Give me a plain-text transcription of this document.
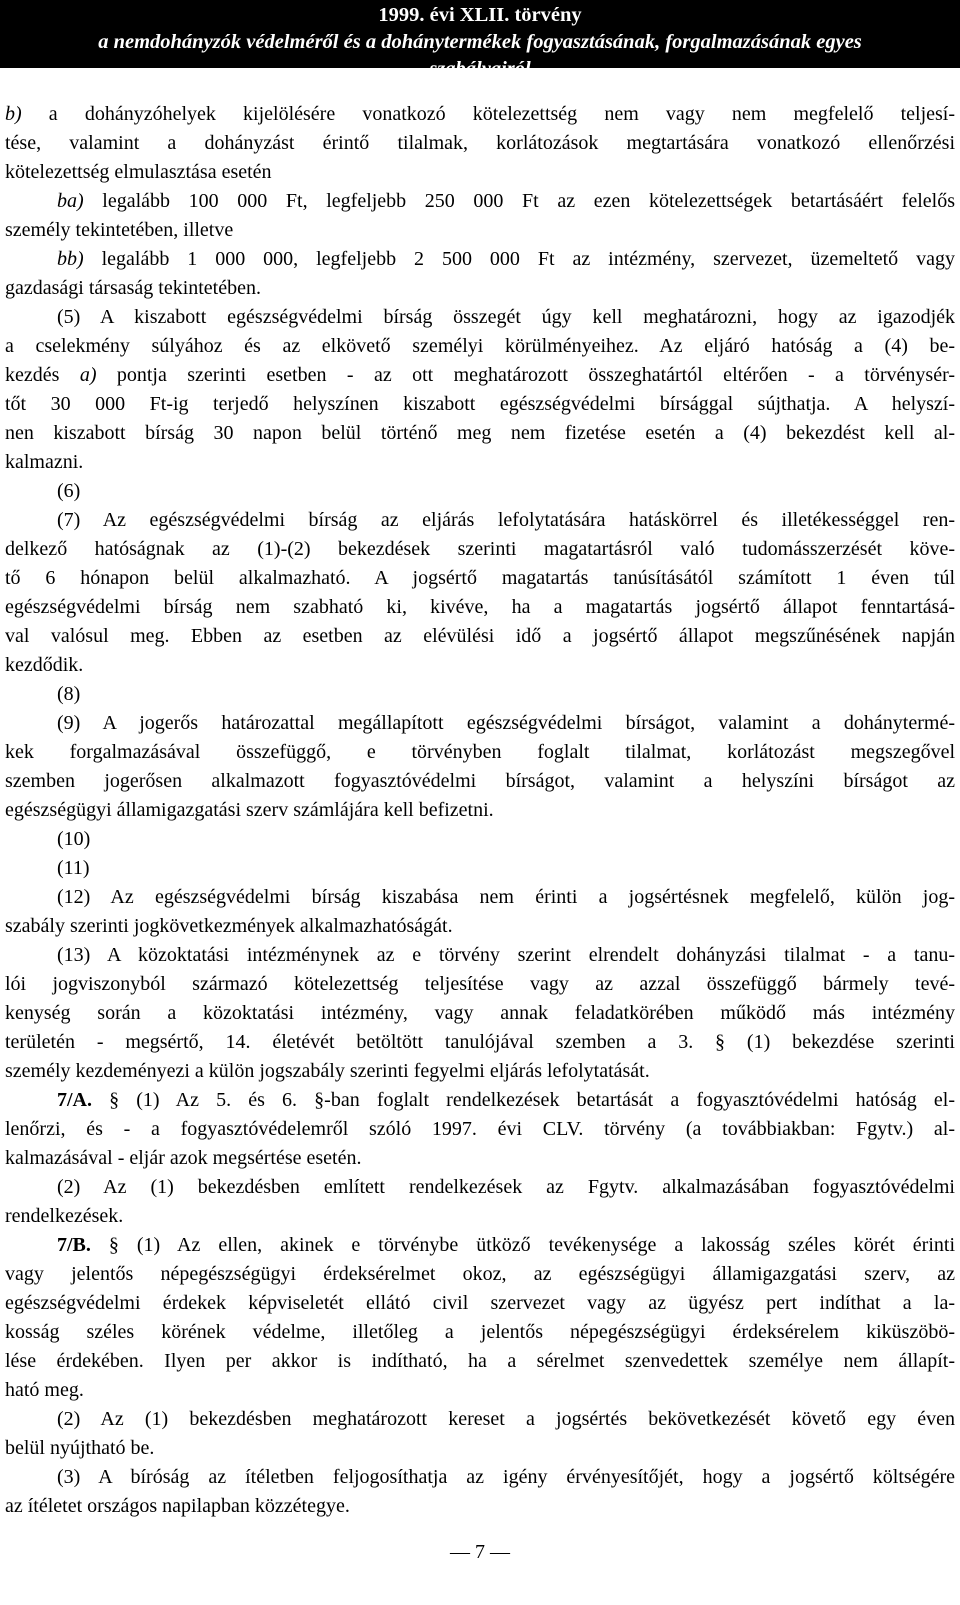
1999. évi XLII. törvény
a nemdohányzók védelméről és a dohánytermékek fogyasztásának, forgalmazásának egyes
szabályairól

b) a dohányzóhelyek kijelölésére vonatkozó kötelezettség nem vagy nem megfelelő teljesí-

tése, valamint a dohányzást érintő tilalmak, korlátozások megtartására vonatkozó ellenőrzési

kötelezettség elmulasztása esetén

ba) legalább 100 000 Ft, legfeljebb 250 000 Ft az ezen kötelezettségek betartásáért felelős

személy tekintetében, illetve

bb) legalább 1 000 000, legfeljebb 2 500 000 Ft az intézmény, szervezet, üzemeltető vagy

gazdasági társaság tekintetében.

(5) A kiszabott egészségvédelmi bírság összegét úgy kell meghatározni, hogy az igazodjék

a cselekmény súlyához és az elkövető személyi körülményeihez. Az eljáró hatóság a (4) be-

kezdés a) pontja szerinti esetben - az ott meghatározott összeghatártól eltérően - a törvénysér-

tőt 30 000 Ft-ig terjedő helyszínen kiszabott egészségvédelmi bírsággal sújthatja. A helyszí-

nen kiszabott bírság 30 napon belül történő meg nem fizetése esetén a (4) bekezdést kell al-

kalmazni.

(6)

(7) Az egészségvédelmi bírság az eljárás lefolytatására hatáskörrel és illetékességgel ren-

delkező hatóságnak az (1)-(2) bekezdések szerinti magatartásról való tudomásszerzését köve-

tő 6 hónapon belül alkalmazható. A jogsértő magatartás tanúsításától számított 1 éven túl

egészségvédelmi bírság nem szabható ki, kivéve, ha a magatartás jogsértő állapot fenntartásá-

val valósul meg. Ebben az esetben az elévülési idő a jogsértő állapot megszűnésének napján

kezdődik.

(8)

(9) A jogerős határozattal megállapított egészségvédelmi bírságot, valamint a dohánytermé-

kek forgalmazásával összefüggő, e törvényben foglalt tilalmat, korlátozást megszegővel

szemben jogerősen alkalmazott fogyasztóvédelmi bírságot, valamint a helyszíni bírságot az

egészségügyi államigazgatási szerv számlájára kell befizetni.

(10)

(11)

(12) Az egészségvédelmi bírság kiszabása nem érinti a jogsértésnek megfelelő, külön jog-

szabály szerinti jogkövetkezmények alkalmazhatóságát.

(13) A közoktatási intézménynek az e törvény szerint elrendelt dohányzási tilalmat - a tanu-

lói jogviszonyból származó kötelezettség teljesítése vagy az azzal összefüggő bármely tevé-

kenység során a közoktatási intézmény, vagy annak feladatkörében működő más intézmény

területén - megsértő, 14. életévét betöltött tanulójával szemben a 3. § (1) bekezdése szerinti

személy kezdeményezi a külön jogszabály szerinti fegyelmi eljárás lefolytatását.

7/A. § (1) Az 5. és 6. §-ban foglalt rendelkezések betartását a fogyasztóvédelmi hatóság el-

lenőrzi, és - a fogyasztóvédelemről szóló 1997. évi CLV. törvény (a továbbiakban: Fgytv.) al-

kalmazásával - eljár azok megsértése esetén.

(2) Az (1) bekezdésben említett rendelkezések az Fgytv. alkalmazásában fogyasztóvédelmi

rendelkezések.

7/B. § (1) Az ellen, akinek e törvénybe ütköző tevékenysége a lakosság széles körét érinti

vagy jelentős népegészségügyi érdeksérelmet okoz, az egészségügyi államigazgatási szerv, az

egészségvédelmi érdekek képviseletét ellátó civil szervezet vagy az ügyész pert indíthat a la-

kosság széles körének védelme, illetőleg a jelentős népegészségügyi érdeksérelem kiküszöbö-

lése érdekében. Ilyen per akkor is indítható, ha a sérelmet szenvedettek személye nem állapít-

ható meg.

(2) Az (1) bekezdésben meghatározott kereset a jogsértés bekövetkezését követő egy éven

belül nyújtható be.

(3) A bíróság az ítéletben feljogosíthatja az igény érvényesítőjét, hogy a jogsértő költségére

az ítéletet országos napilapban közzétegye.

— 7 —
